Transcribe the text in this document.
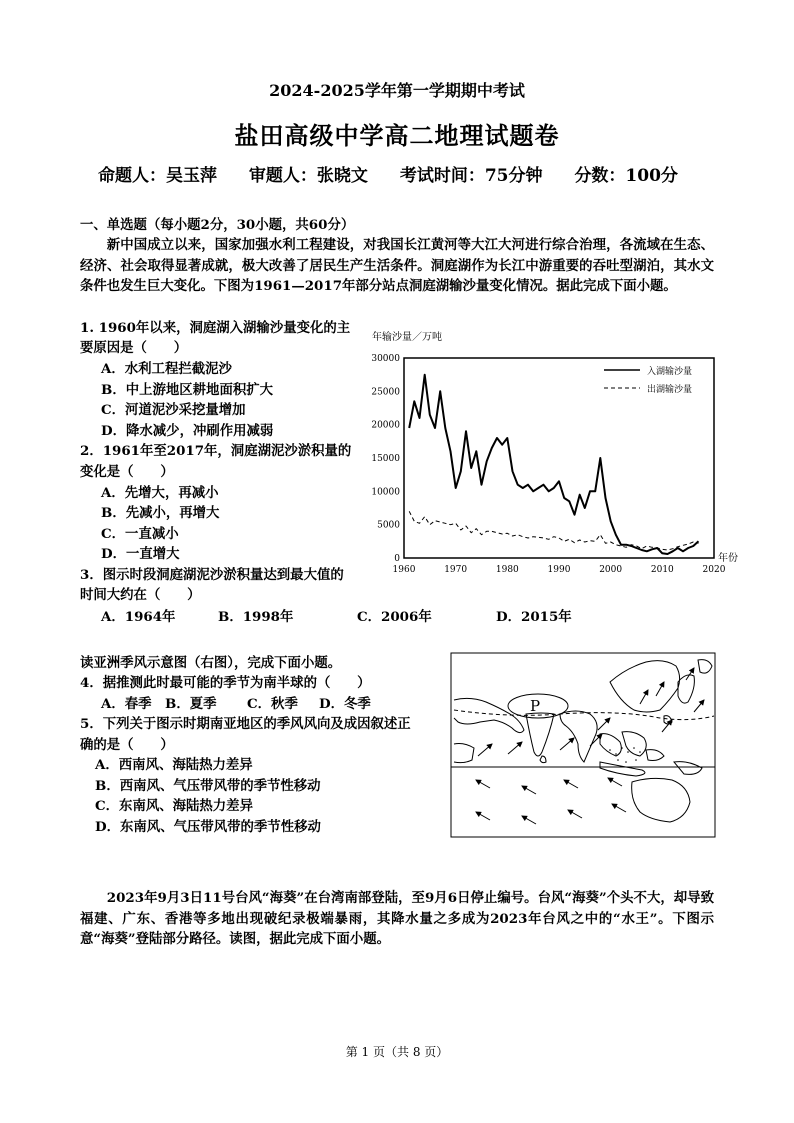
2024-2025学年第一学期期中考试
盐田高级中学高二地理试题卷
命题人：吴玉萍 审题人：张晓文 考试时间：75分钟 分数：100分
一、单选题（每小题2分，30小题，共60分）
新中国成立以来，国家加强水利工程建设，对我国长江黄河等大江大河进行综合治理，各流域在生态、经济、社会取得显著成就，极大改善了居民生产生活条件。洞庭湖作为长江中游重要的吞吐型湖泊，其水文条件也发生巨大变化。下图为1961—2017年部分站点洞庭湖输沙量变化情况。据此完成下面小题。
1. 1960年以来，洞庭湖入湖输沙量变化的主
要原因是（　　）
A．水利工程拦截泥沙
B．中上游地区耕地面积扩大
C．河道泥沙采挖量增加
D．降水减少，冲刷作用减弱
2．1961年至2017年，洞庭湖泥沙淤积量的
变化是（　　）
A．先增大，再减小
B．先减小，再增大
C．一直减小
D．一直增大
3．图示时段洞庭湖泥沙淤积量达到最大值的
时间大约在（　　）
A．1964年	B．1998年	C．2006年	D．2015年
年输沙量／万吨
年份
0
5000
10000
15000
20000
25000
30000
1960	1970	1980	1990	2000	2010	2020
入湖输沙量
出湖输沙量
读亚洲季风示意图（右图），完成下面小题。
4．据推测此时最可能的季节为南半球的（　　）
A．春季 B．夏季 C．秋季 D．冬季
5．下列关于图示时期南亚地区的季风风向及成因叙述正
确的是（　　）
A．西南风、海陆热力差异
B．西南风、气压带风带的季节性移动
C．东南风、海陆热力差异
D．东南风、气压带风带的季节性移动
P
2023年9月3日11号台风“海葵”在台湾南部登陆，至9月6日停止编号。台风“海葵”个头不大，却导致福建、广东、香港等多地出现破纪录极端暴雨，其降水量之多成为2023年台风之中的“水王”。下图示意“海葵”登陆部分路径。读图，据此完成下面小题。
第 1 页（共 8 页）
